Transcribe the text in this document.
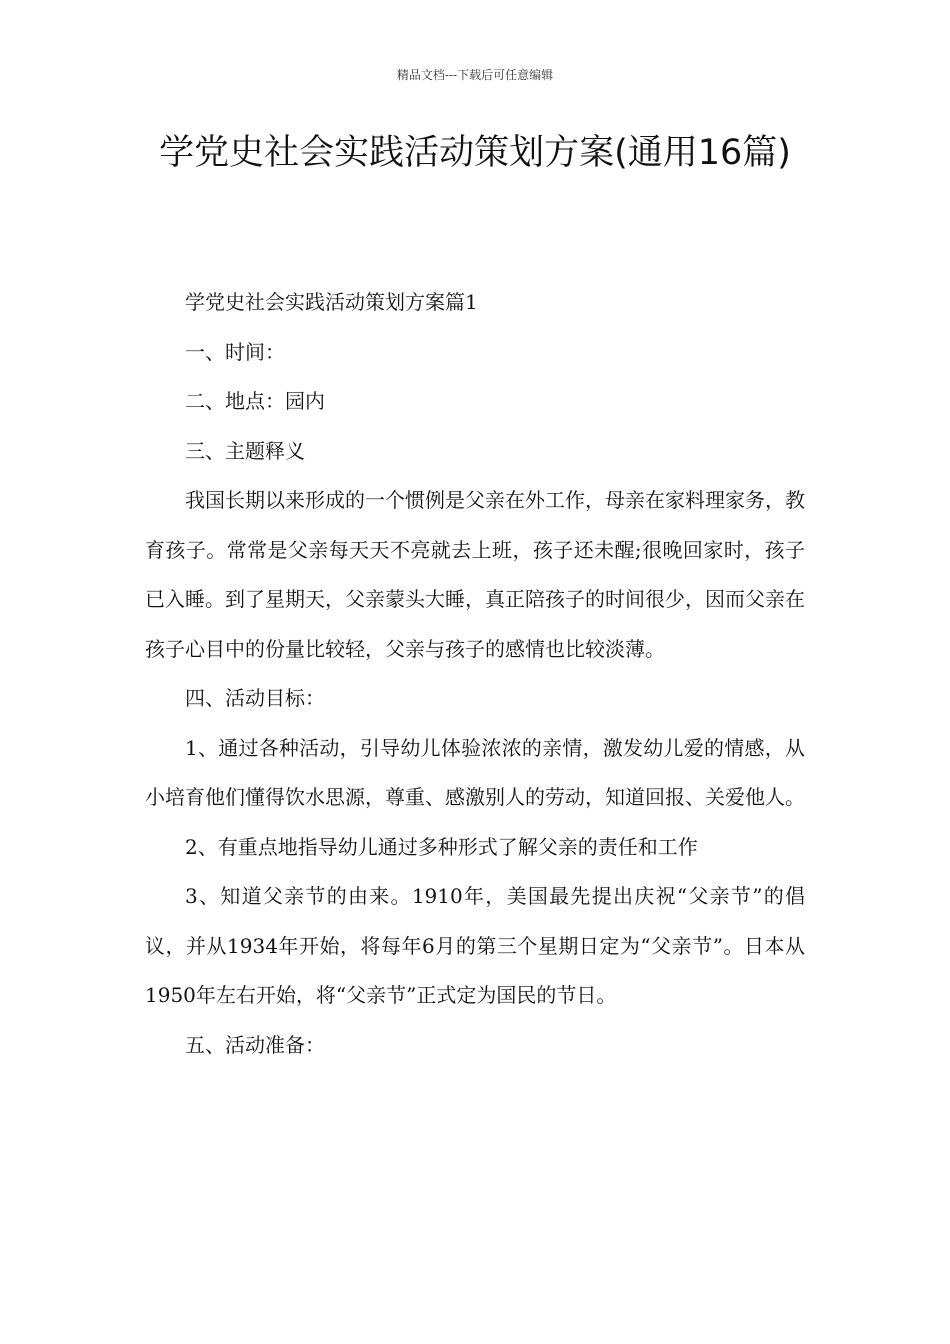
精品文档---下载后可任意编辑
学党史社会实践活动策划方案(通用16篇)

学党史社会实践活动策划方案篇1

一、时间：

二、地点：园内

三、主题释义

我国长期以来形成的一个惯例是父亲在外工作，母亲在家料理家务，教育孩子。常常是父亲每天天不亮就去上班，孩子还未醒;很晚回家时，孩子已入睡。到了星期天，父亲蒙头大睡，真正陪孩子的时间很少，因而父亲在孩子心目中的份量比较轻，父亲与孩子的感情也比较淡薄。

四、活动目标：

1、通过各种活动，引导幼儿体验浓浓的亲情，激发幼儿爱的情感，从小培育他们懂得饮水思源，尊重、感激别人的劳动，知道回报、关爱他人。

2、有重点地指导幼儿通过多种形式了解父亲的责任和工作

3、知道父亲节的由来。1910年，美国最先提出庆祝“父亲节”的倡议，并从1934年开始，将每年6月的第三个星期日定为“父亲节”。日本从1950年左右开始，将“父亲节”正式定为国民的节日。

五、活动准备：
